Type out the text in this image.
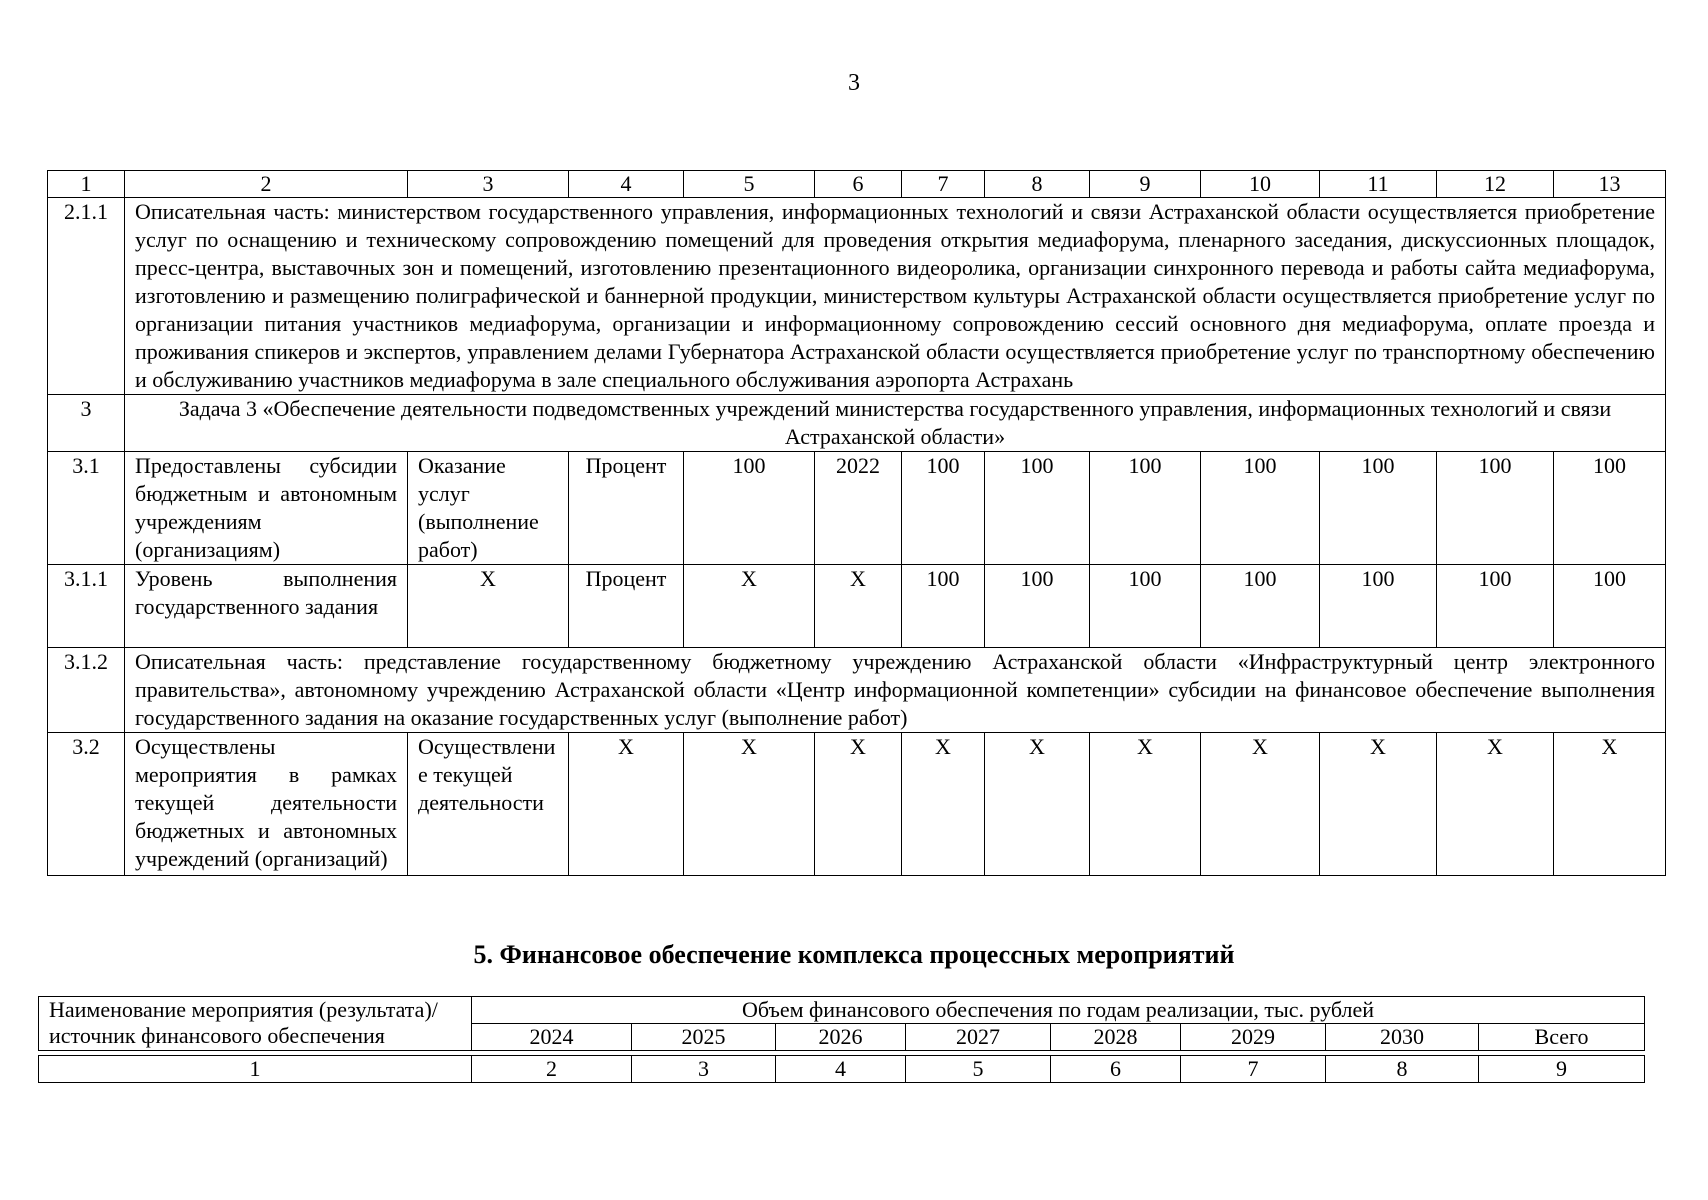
3
1	2	3	4	5	6	7	8	9	10	11	12	13
2.1.1	Описательная часть: министерством государственного управления, информационных технологий и связи Астраханской области осуществляется приобретение услуг по оснащению и техническому сопровождению помещений для проведения открытия медиафорума, пленарного заседания, дискуссионных площадок, пресс-центра, выставочных зон и помещений, изготовлению презентационного видеоролика, организации синхронного перевода и работы сайта медиафорума, изготовлению и размещению полиграфической и баннерной продукции, министерством культуры Астраханской области осуществляется приобретение услуг по организации питания участников медиафорума, организации и информационному сопровождению сессий основного дня медиафорума, оплате проезда и проживания спикеров и экспертов, управлением делами Губернатора Астраханской области осуществляется приобретение услуг по транспортному обеспечению и обслуживанию участников медиафорума в зале специального обслуживания аэропорта Астрахань											
3	Задача 3 «Обеспечение деятельности подведомственных учреждений министерства государственного управления, информационных технологий и связи Астраханской области»											
3.1	Предоставлены субсидии бюджетным и автономным учреждениям (организациям)	Оказание услуг (выполнение работ)	Процент	100	2022	100	100	100	100	100	100	100
3.1.1	Уровень выполнения государственного задания	Х	Процент	Х	Х	100	100	100	100	100	100	100
3.1.2	Описательная часть: представление государственному бюджетному учреждению Астраханской области «Инфраструктурный центр электронного правительства», автономному учреждению Астраханской области «Центр информационной компетенции» субсидии на финансовое обеспечение выполнения государственного задания на оказание государственных услуг (выполнение работ)											
3.2	Осуществлены мероприятия в рамках текущей деятельности бюджетных и автономных учреждений (организаций)	Осуществление текущей деятельности	Х	Х	Х	Х	Х	Х	Х	Х	Х	Х
5. Финансовое обеспечение комплекса процессных мероприятий
Наименование мероприятия (результата)/источник финансового обеспечения	Объем финансового обеспечения по годам реализации, тыс. рублей							
	2024	2025	2026	2027	2028	2029	2030	Всего

1	2	3	4	5	6	7	8	9
